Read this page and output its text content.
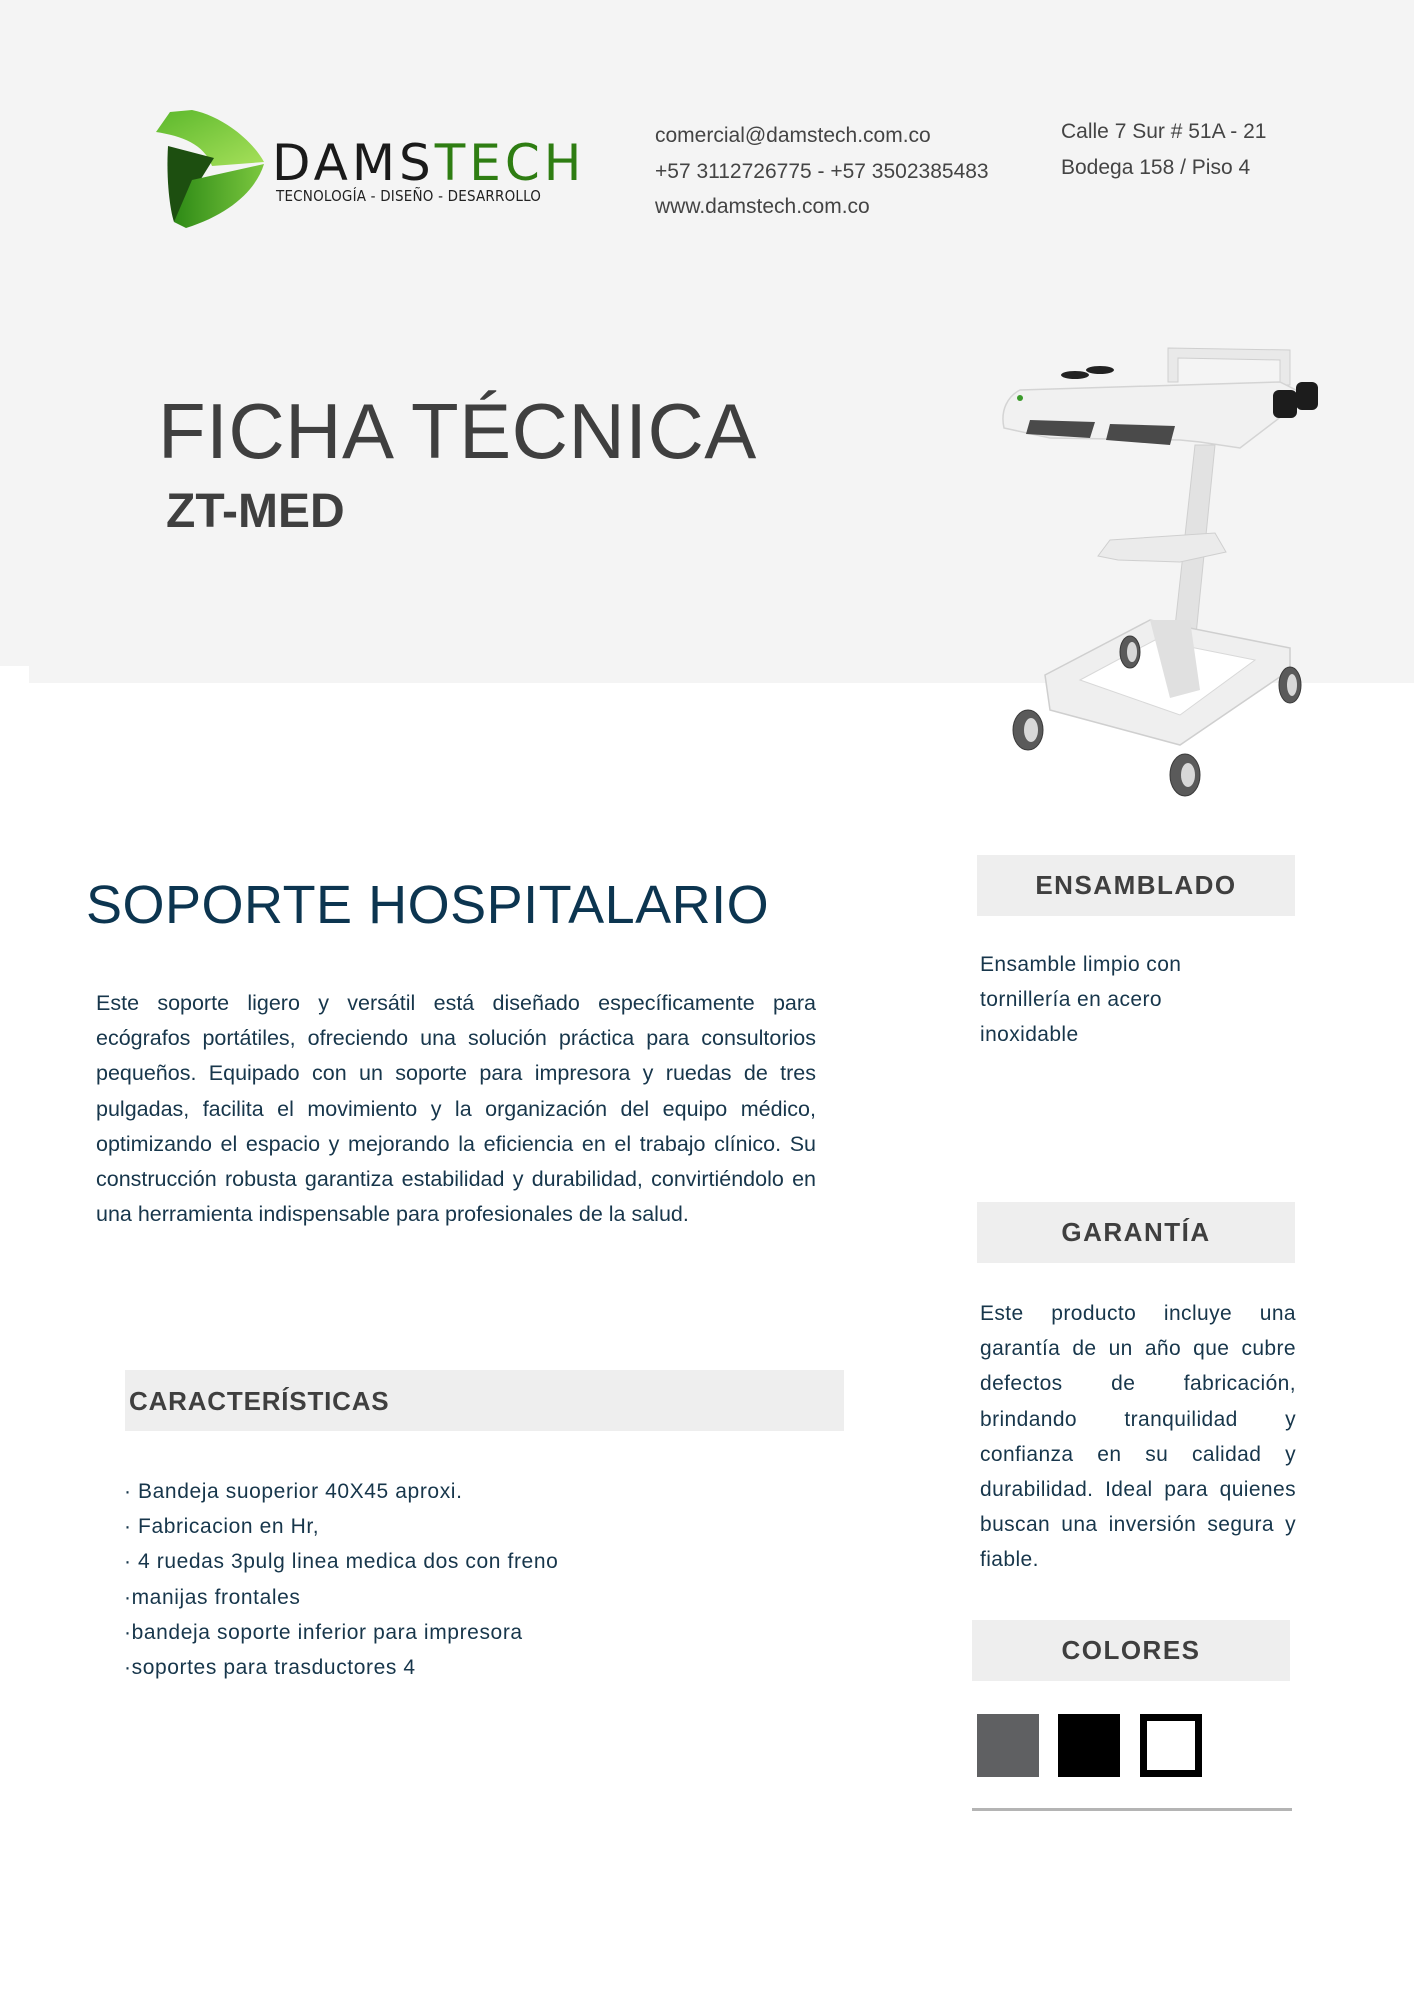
DAMSTECH
TECNOLOGÍA - DISEÑO - DESARROLLO
comercial@damstech.com.co
+57 3112726775 - +57 3502385483
www.damstech.com.co
Calle 7 Sur # 51A - 21
Bodega 158 / Piso 4
FICHA TÉCNICA
ZT-MED
SOPORTE HOSPITALARIO

Este soporte ligero y versátil está diseñado específicamente para ecógrafos portátiles, ofreciendo una solución práctica para consultorios pequeños. Equipado con un soporte para impresora y ruedas de tres pulgadas, facilita el movimiento y la organización del equipo médico, optimizando el espacio y mejorando la eficiencia en el trabajo clínico. Su construcción robusta garantiza estabilidad y durabilidad, convirtiéndolo en una herramienta indispensable para profesionales de la salud.

CARACTERÍSTICAS
· Bandeja suoperior 40X45 aproxi.
· Fabricacion en Hr,
· 4 ruedas 3pulg linea medica dos con freno
·manijas frontales
·bandeja soporte inferior para impresora
·soportes para trasductores 4
ENSAMBLADO

Ensamble limpio con tornillería en acero inoxidable

GARANTÍA

Este producto incluye una garantía de un año que cubre defectos de fabricación, brindando tranquilidad y confianza en su calidad y durabilidad. Ideal para quienes buscan una inversión segura y fiable.

COLORES
